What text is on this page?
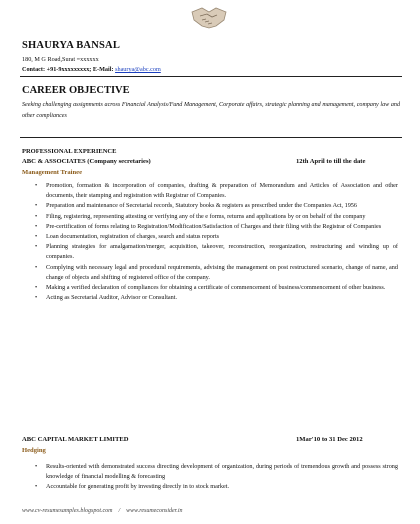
SHAURYA BANSAL
180, M G Road,Surat =xxxxxx
Contact: +91-9xxxxxxxxx; E-Mail: shaurya@abc.com
CAREER OBJECTIVE
Seeking challenging assignments across Financial Analysis/Fund Management, Corporate affairs, strategic planning and management, company law and other compliances
PROFESSIONAL EXPERIENCE
ABC & ASSOCIATES (Company secretaries)	12th April to till the date
Management Trainee
• Promotion, formation & incorporation of companies, drafting & preparation of Memorandum and Articles of Association and other documents, their stamping and registration with Registrar of Companies.
• Preparation and maintenance of Secretarial records, Statutory books & registers as prescribed under the Companies Act, 1956
• Filing, registering, representing attesting or verifying any of the e forms, returns and applications by or on behalf of the company
• Pre-certification of forms relating to Registration/Modification/Satisfaction of Charges and their filing with the Registrar of Companies
• Loan documentation, registration of charges, search and status reports
• Planning strategies for amalgamation/merger, acquisition, takeover, reconstruction, reorganization, restructuring and winding up of companies.
• Complying with necessary legal and procedural requirements, advising the management on post restructured scenario, change of name, and change of objects and shifting of registered office of the company.
• Making a verified declaration of compliances for obtaining a certificate of commencement of business/commencement of other business.
• Acting as Secretarial Auditor, Advisor or Consultant.
ABC CAPITAL MARKET LIMITED	1Mar'10 to 31 Dec 2012
Hedging
• Results-oriented with demonstrated success directing development of organization, during periods of tremendous growth and possess strong knowledge of financial modelling & forecasting
• Accountable for generating profit by investing directly in to stock market.
www.cv-resumesamples.blogspot.com / www.resumeconsider.in
